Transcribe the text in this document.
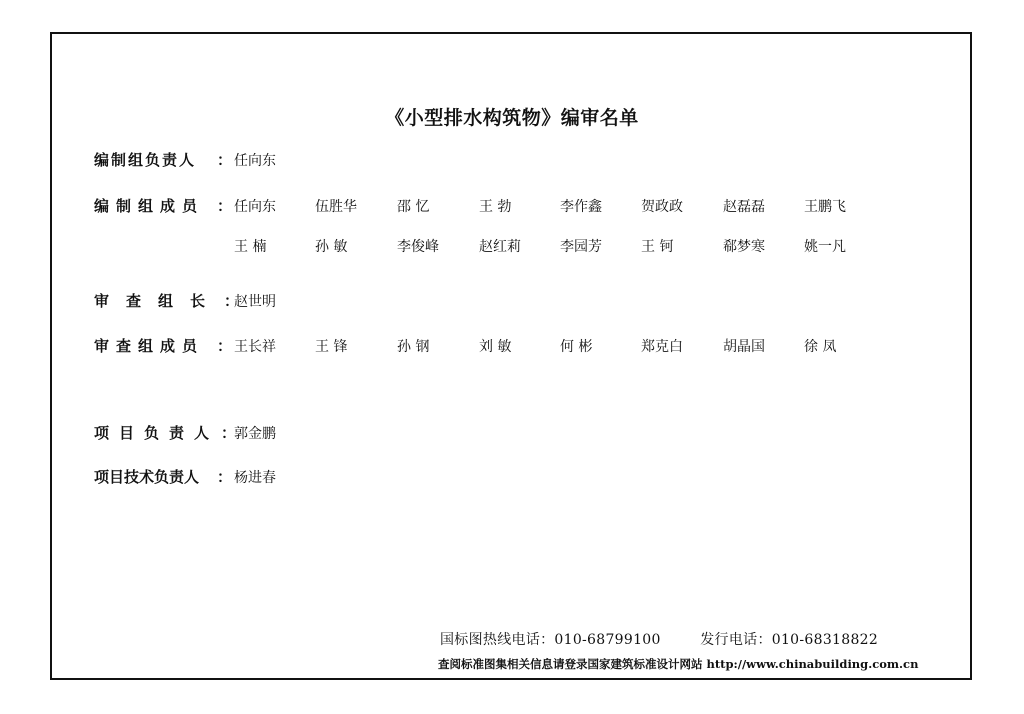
《小型排水构筑物》编审名单
编制组负责人 ： 任向东
编制组成员 ： 任向东	伍胜华	邵 忆	王 勃	李作鑫	贺政政	赵磊磊	王鹏飞
王 楠	孙 敏	李俊峰	赵红莉	李园芳	王 钶	郗梦寒	姚一凡
审查组长 ：
赵世明
审查组成员 ： 王长祥	王 锋	孙 钢	刘 敏	何 彬	郑克白	胡晶国	徐 凤
项目负责人 ：
郭金鹏
项目技术负责人 ： 杨进春
国标图热线电话：010-68799100	发行电话：010-68318822
查阅标准图集相关信息请登录国家建筑标准设计网站 http://www.chinabuilding.com.cn
